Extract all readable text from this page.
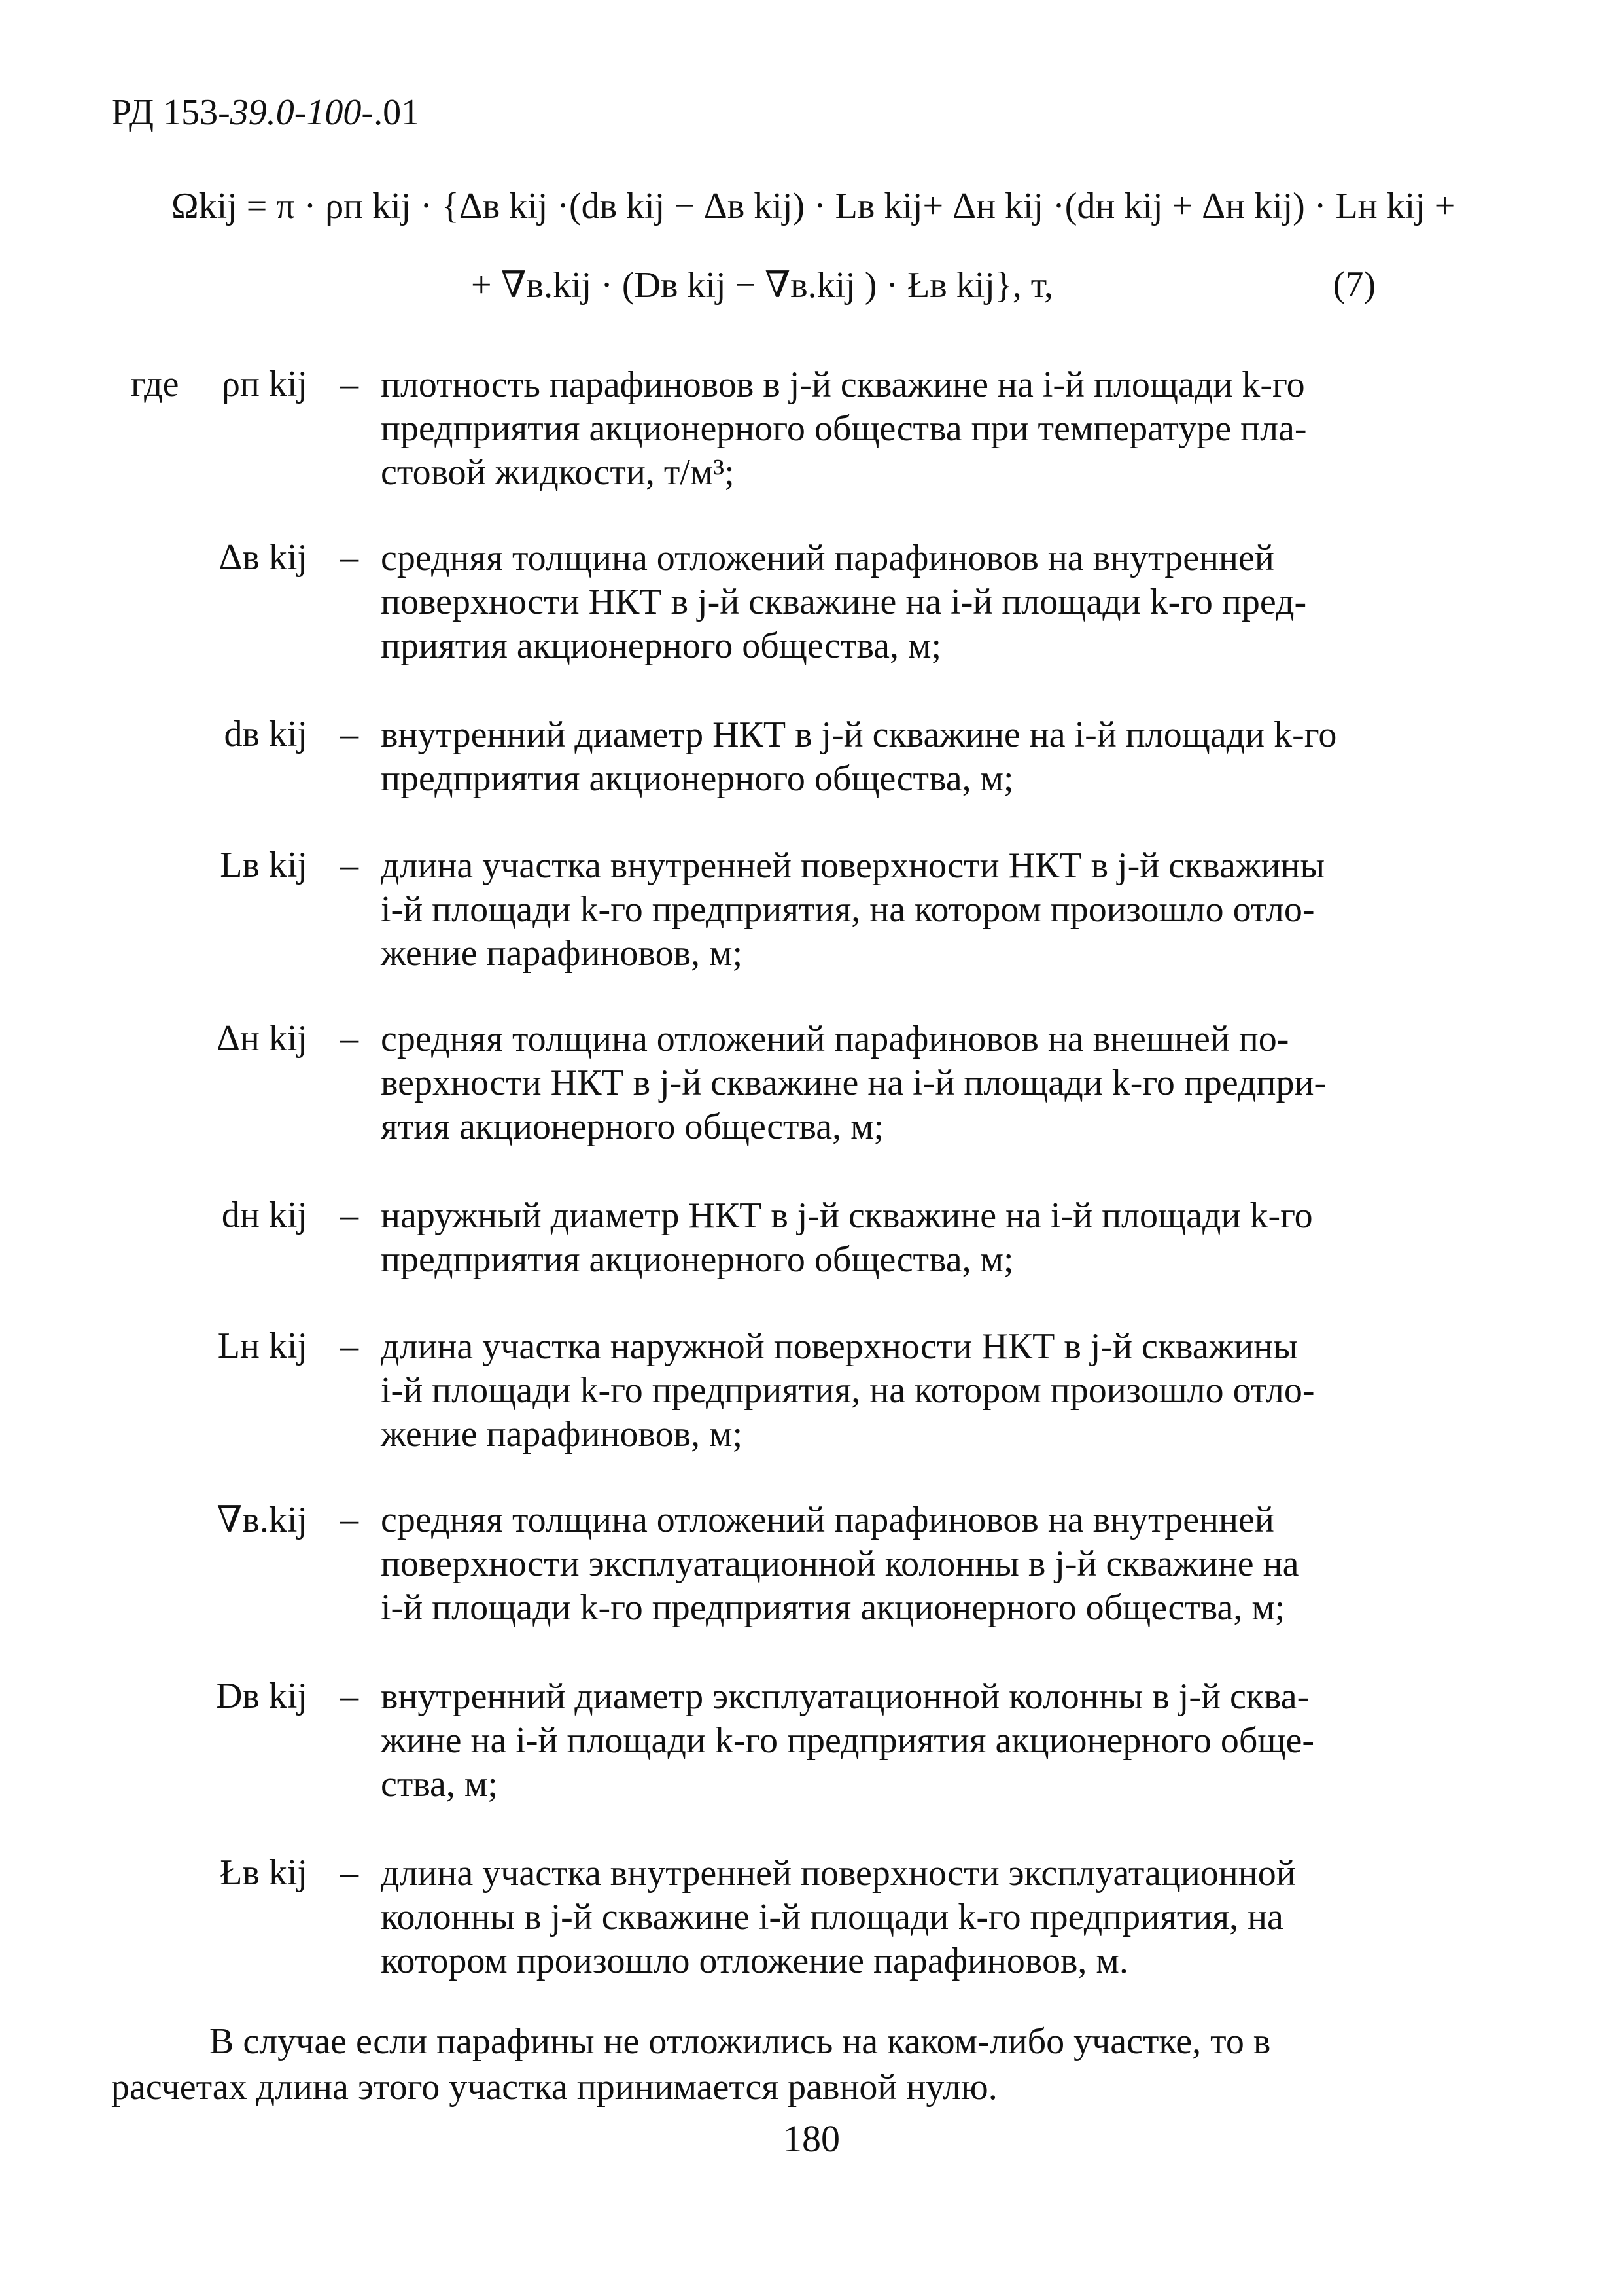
РД 153-39.0-100-.01
Ωkij = π · ρп kij · {Δв kij ·(dв kij − Δв kij) · Lв kij+ Δн kij ·(dн kij + Δн kij) · Lн kij +
+ ∇в.kij · (Dв kij − ∇в.kij ) · Łв kij}, т,	(7)
где	ρп kij – плотность парафиновов в j-й скважине на i-й площади k-го
предприятия акционерного общества при температуре пла-
стовой жидкости, т/м³;
Δв kij – средняя толщина отложений парафиновов на внутренней
поверхности НКТ в j-й скважине на i-й площади k-го пред-
приятия акционерного общества, м;
dв kij – внутренний диаметр НКТ в j-й скважине на i-й площади k-го
предприятия акционерного общества, м;
Lв kij – длина участка внутренней поверхности НКТ в j-й скважины
i-й площади k-го предприятия, на котором произошло отло-
жение парафиновов, м;
Δн kij – средняя толщина отложений парафиновов на внешней по-
верхности НКТ в j-й скважине на i-й площади k-го предпри-
ятия акционерного общества, м;
dн kij – наружный диаметр НКТ в j-й скважине на i-й площади k-го
предприятия акционерного общества, м;
Lн kij – длина участка наружной поверхности НКТ в j-й скважины
i-й площади k-го предприятия, на котором произошло отло-
жение парафиновов, м;
∇в.kij – средняя толщина отложений парафиновов на внутренней
поверхности эксплуатационной колонны в j-й скважине на
i-й площади k-го предприятия акционерного общества, м;
Dв kij – внутренний диаметр эксплуатационной колонны в j-й сква-
жине на i-й площади k-го предприятия акционерного обще-
ства, м;
Łв kij – длина участка внутренней поверхности эксплуатационной
колонны в j-й скважине i-й площади k-го предприятия, на
котором произошло отложение парафиновов, м.
В случае если парафины не отложились на каком-либо участке, то в
расчетах длина этого участка принимается равной нулю.
180
